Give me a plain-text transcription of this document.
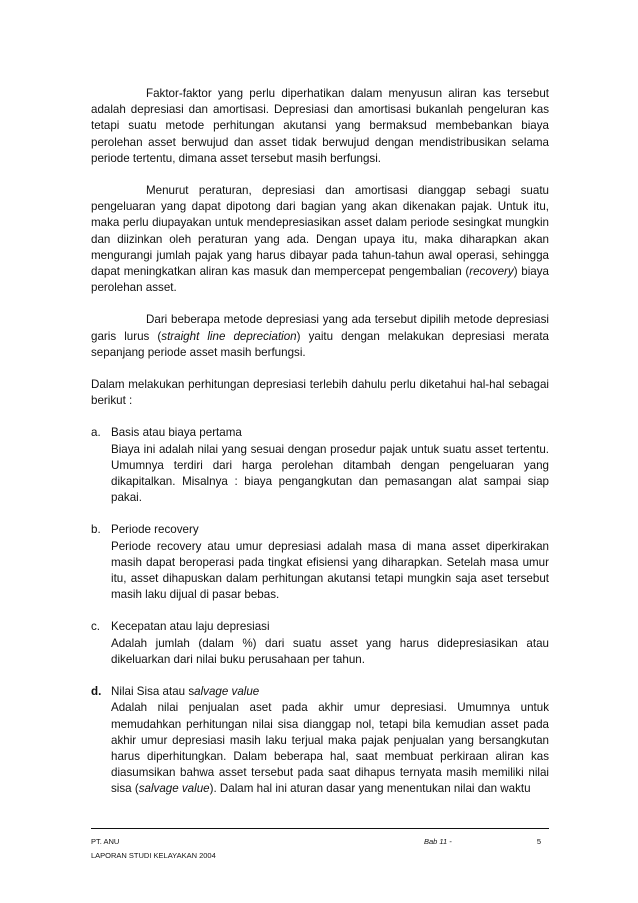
Faktor-faktor yang perlu diperhatikan dalam menyusun aliran kas tersebut adalah depresiasi dan amortisasi. Depresiasi dan amortisasi bukanlah pengeluran kas tetapi suatu metode perhitungan akutansi yang bermaksud membebankan biaya perolehan asset berwujud dan asset tidak berwujud dengan mendistribusikan selama periode tertentu, dimana asset tersebut masih berfungsi.

Menurut peraturan, depresiasi dan amortisasi dianggap sebagi suatu pengeluaran yang dapat dipotong dari bagian yang akan dikenakan pajak. Untuk itu, maka perlu diupayakan untuk mendepresiasikan asset dalam periode sesingkat mungkin dan diizinkan oleh peraturan yang ada. Dengan upaya itu, maka diharapkan akan mengurangi jumlah pajak yang harus dibayar pada tahun-tahun awal operasi, sehingga dapat meningkatkan aliran kas masuk dan mempercepat pengembalian (recovery) biaya perolehan asset.

Dari beberapa metode depresiasi yang ada tersebut dipilih metode depresiasi garis lurus (straight line depreciation) yaitu dengan melakukan depresiasi merata sepanjang periode asset masih berfungsi.

Dalam melakukan perhitungan depresiasi terlebih dahulu perlu diketahui hal-hal sebagai berikut :

a. Basis atau biaya pertama
Biaya ini adalah nilai yang sesuai dengan prosedur pajak untuk suatu asset tertentu. Umumnya terdiri dari harga perolehan ditambah dengan pengeluaran yang dikapitalkan. Misalnya : biaya pengangkutan dan pemasangan alat sampai siap pakai.
b. Periode recovery
Periode recovery atau umur depresiasi adalah masa di mana asset diperkirakan masih dapat beroperasi pada tingkat efisiensi yang diharapkan. Setelah masa umur itu, asset dihapuskan dalam perhitungan akutansi tetapi mungkin saja aset tersebut masih laku dijual di pasar bebas.
c. Kecepatan atau laju depresiasi
Adalah jumlah (dalam %) dari suatu asset yang harus didepresiasikan atau dikeluarkan dari nilai buku perusahaan per tahun.
d. Nilai Sisa atau salvage value
Adalah nilai penjualan aset pada akhir umur depresiasi. Umumnya untuk memudahkan perhitungan nilai sisa dianggap nol, tetapi bila kemudian asset pada akhir umur depresiasi masih laku terjual maka pajak penjualan yang bersangkutan harus diperhitungkan. Dalam beberapa hal, saat membuat perkiraan aliran kas diasumsikan bahwa asset tersebut pada saat dihapus ternyata masih memiliki nilai sisa (salvage value). Dalam hal ini aturan dasar yang menentukan nilai dan waktu
PT. ANU	Bab 11 -	5
LAPORAN STUDI KELAYAKAN 2004
